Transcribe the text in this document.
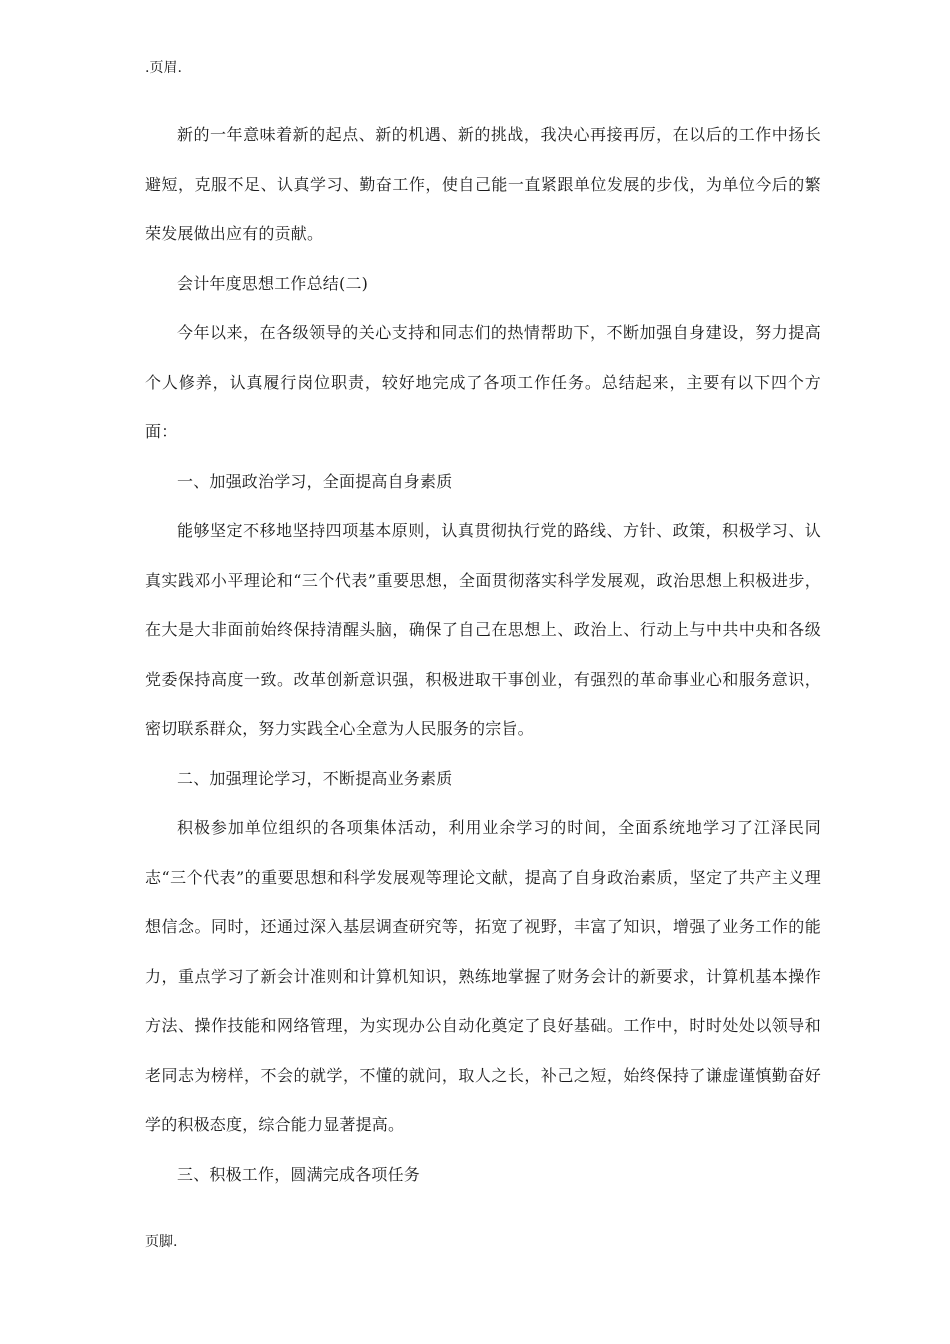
.页眉.

新的一年意味着新的起点、新的机遇、新的挑战，我决心再接再厉，在以后的工作中扬长避短，克服不足、认真学习、勤奋工作，使自己能一直紧跟单位发展的步伐，为单位今后的繁荣发展做出应有的贡献。

会计年度思想工作总结(二)

今年以来，在各级领导的关心支持和同志们的热情帮助下，不断加强自身建设，努力提高个人修养，认真履行岗位职责，较好地完成了各项工作任务。总结起来，主要有以下四个方面：

一、加强政治学习，全面提高自身素质

能够坚定不移地坚持四项基本原则，认真贯彻执行党的路线、方针、政策，积极学习、认真实践邓小平理论和“三个代表”重要思想，全面贯彻落实科学发展观，政治思想上积极进步，在大是大非面前始终保持清醒头脑，确保了自己在思想上、政治上、行动上与中共中央和各级党委保持高度一致。改革创新意识强，积极进取干事创业，有强烈的革命事业心和服务意识，密切联系群众，努力实践全心全意为人民服务的宗旨。

二、加强理论学习，不断提高业务素质

积极参加单位组织的各项集体活动，利用业余学习的时间，全面系统地学习了江泽民同志“三个代表”的重要思想和科学发展观等理论文献，提高了自身政治素质，坚定了共产主义理想信念。同时，还通过深入基层调查研究等，拓宽了视野，丰富了知识，增强了业务工作的能力，重点学习了新会计准则和计算机知识，熟练地掌握了财务会计的新要求，计算机基本操作方法、操作技能和网络管理，为实现办公自动化奠定了良好基础。工作中，时时处处以领导和老同志为榜样，不会的就学，不懂的就问，取人之长，补己之短，始终保持了谦虚谨慎勤奋好学的积极态度，综合能力显著提高。

三、积极工作，圆满完成各项任务

页脚.
